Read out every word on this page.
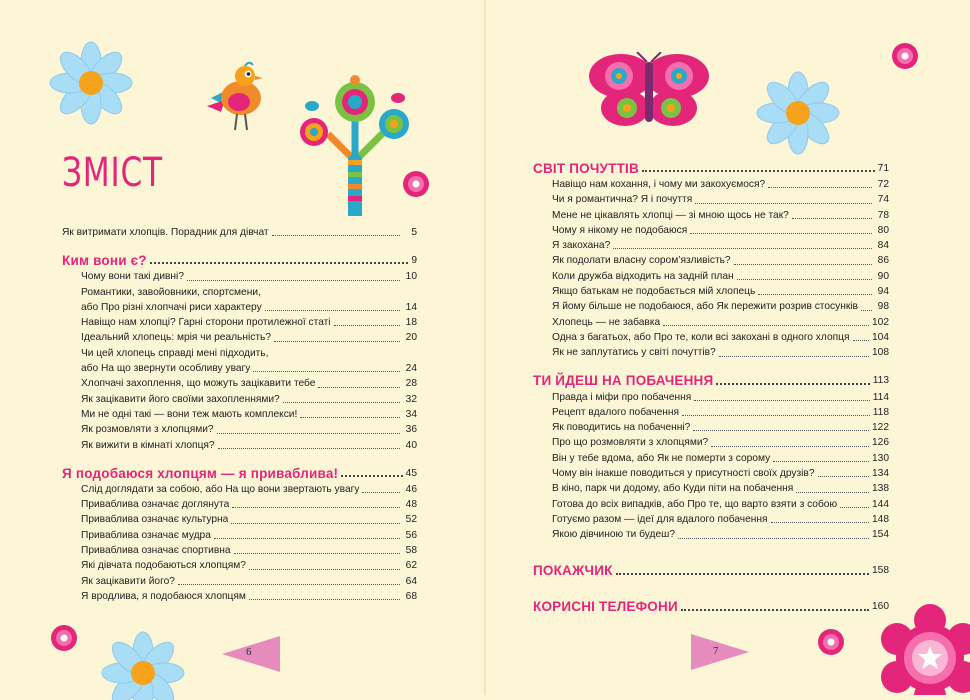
ЗМІСТ
Як витримати хлопців. Порадник для дівчат	5
Ким вони є?	9
Чому вони такі дивні?	10
Романтики, завойовники, спортсмени,
або Про різні хлопчачі риси характеру	14
Навіщо нам хлопці? Гарні сторони протилежної статі	18
Ідеальний хлопець: мрія чи реальність?	20
Чи цей хлопець справді мені підходить,
або На що звернути особливу увагу	24
Хлопчачі захоплення, що можуть зацікавити тебе	28
Як зацікавити його своїми захопленнями?	32
Ми не одні такі — вони теж мають комплекси!	34
Як розмовляти з хлопцями?	36
Як вижити в кімнаті хлопця?	40
Я подобаюся хлопцям — я приваблива!	45
Слід доглядати за собою, або На що вони звертають увагу	46
Приваблива означає доглянута	48
Приваблива означає культурна	52
Приваблива означає мудра	56
Приваблива означає спортивна	58
Які дівчата подобаються хлопцям?	62
Як зацікавити його?	64
Я вродлива, я подобаюся хлопцям	68
6
СВІТ ПОЧУТТІВ	71
Навіщо нам кохання, і чому ми закохуємося?	72
Чи я романтична? Я і почуття	74
Мене не цікавлять хлопці — зі мною щось не так?	78
Чому я нікому не подобаюся	80
Я закохана?	84
Як подолати власну сором’язливість?	86
Коли дружба відходить на задній план	90
Якщо батькам не подобається мій хлопець	94
Я йому більше не подобаюся, або Як пережити розрив стосунків 98
Хлопець — не забавка	102
Одна з багатьох, або Про те, коли всі закохані в одного хлопця 104
Як не заплутатись у світі почуттів?	108
ТИ ЙДЕШ НА ПОБАЧЕННЯ	113
Правда і міфи про побачення	114
Рецепт вдалого побачення	118
Як поводитись на побаченні?	122
Про що розмовляти з хлопцями?	126
Він у тебе вдома, або Як не померти з сорому	130
Чому він інакше поводиться у присутності своїх друзів?	134
В кіно, парк чи додому, або Куди піти на побачення	138
Готова до всіх випадків, або Про те, що варто взяти з собою	144
Готуємо разом — ідеї для вдалого побачення	148
Якою дівчиною ти будеш?	154
ПОКАЖЧИК	158
КОРИСНІ ТЕЛЕФОНИ	160
7
